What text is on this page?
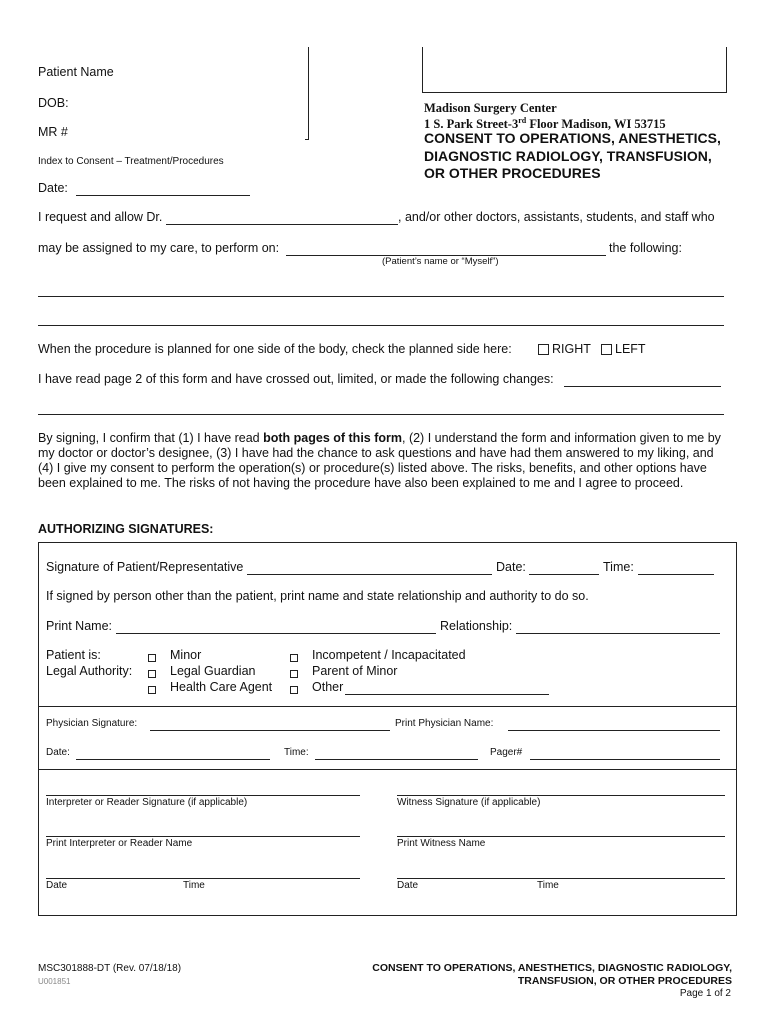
Patient Name
DOB:
MR #
Index to Consent – Treatment/Procedures
Madison Surgery Center
1 S. Park Street-3rd Floor Madison, WI 53715
CONSENT TO OPERATIONS, ANESTHETICS,
DIAGNOSTIC RADIOLOGY, TRANSFUSION,
OR OTHER PROCEDURES
Date:
I request and allow Dr.	, and/or other doctors, assistants, students, and staff who
may be assigned to my care, to perform on:	the following:
(Patient’s name or “Myself”)
When the procedure is planned for one side of the body, check the planned side here:	RIGHT LEFT
I have read page 2 of this form and have crossed out, limited, or made the following changes:
By signing, I confirm that (1) I have read both pages of this form, (2) I understand the form and information given to me by
my doctor or doctor’s designee, (3) I have had the chance to ask questions and have had them answered to my liking, and
(4) I give my consent to perform the operation(s) or procedure(s) listed above. The risks, benefits, and other options have
been explained to me. The risks of not having the procedure have also been explained to me and I agree to proceed.
AUTHORIZING SIGNATURES:
Signature of Patient/Representative	Date:	Time:
If signed by person other than the patient, print name and state relationship and authority to do so.
Print Name:	Relationship:
Patient is:
Legal Authority:
Minor
Legal Guardian
Health Care Agent
Incompetent / Incapacitated
Parent of Minor
Other
Physician Signature:	Print Physician Name:
Date:	Time:	Pager#
Interpreter or Reader Signature (if applicable)	Witness Signature (if applicable)
Print Interpreter or Reader Name	Print Witness Name
Date	Time	Date	Time
MSC301888-DT (Rev. 07/18/18)
U001851
CONSENT TO OPERATIONS, ANESTHETICS, DIAGNOSTIC RADIOLOGY,
TRANSFUSION, OR OTHER PROCEDURES
Page 1 of 2
